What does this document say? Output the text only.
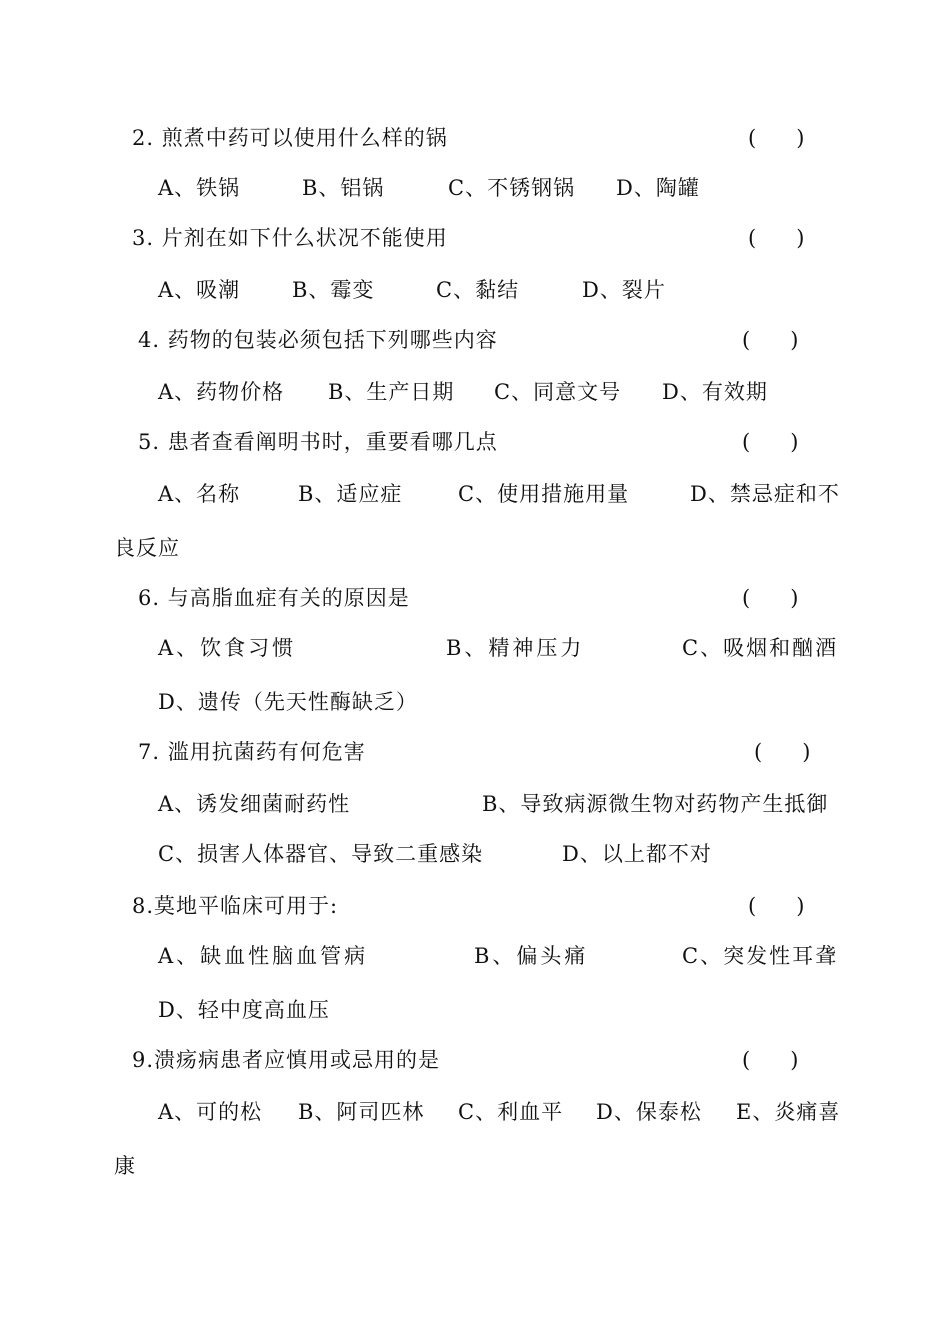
2. 煎煮中药可以使用什么样的锅	(      )
A、铁锅	B、铝锅	C、不锈钢锅 D、陶罐
3. 片剂在如下什么状况不能使用	(      )
A、吸潮 B、霉变	C、黏结	D、裂片
4. 药物的包装必须包括下列哪些内容	(      )
A、药物价格 B、生产日期 C、同意文号 D、有效期
5. 患者查看阐明书时，重要看哪几点	(      )
A、名称	B、适应症	C、使用措施用量	D、禁忌症和不
良反应
6. 与高脂血症有关的原因是	(      )
A、饮食习惯	B、精神压力	C、吸烟和酗酒
D、遗传（先天性酶缺乏）
7. 滥用抗菌药有何危害	(      )
A、诱发细菌耐药性	B、导致病源微生物对药物产生抵御
C、损害人体器官、导致二重感染	D、以上都不对
8.莫地平临床可用于:	(      )
A、缺血性脑血管病	B、偏头痛	C、突发性耳聋
D、轻中度高血压
9.溃疡病患者应慎用或忌用的是	(      )
A、可的松 B、阿司匹林 C、利血平 D、保泰松 E、炎痛喜
康
